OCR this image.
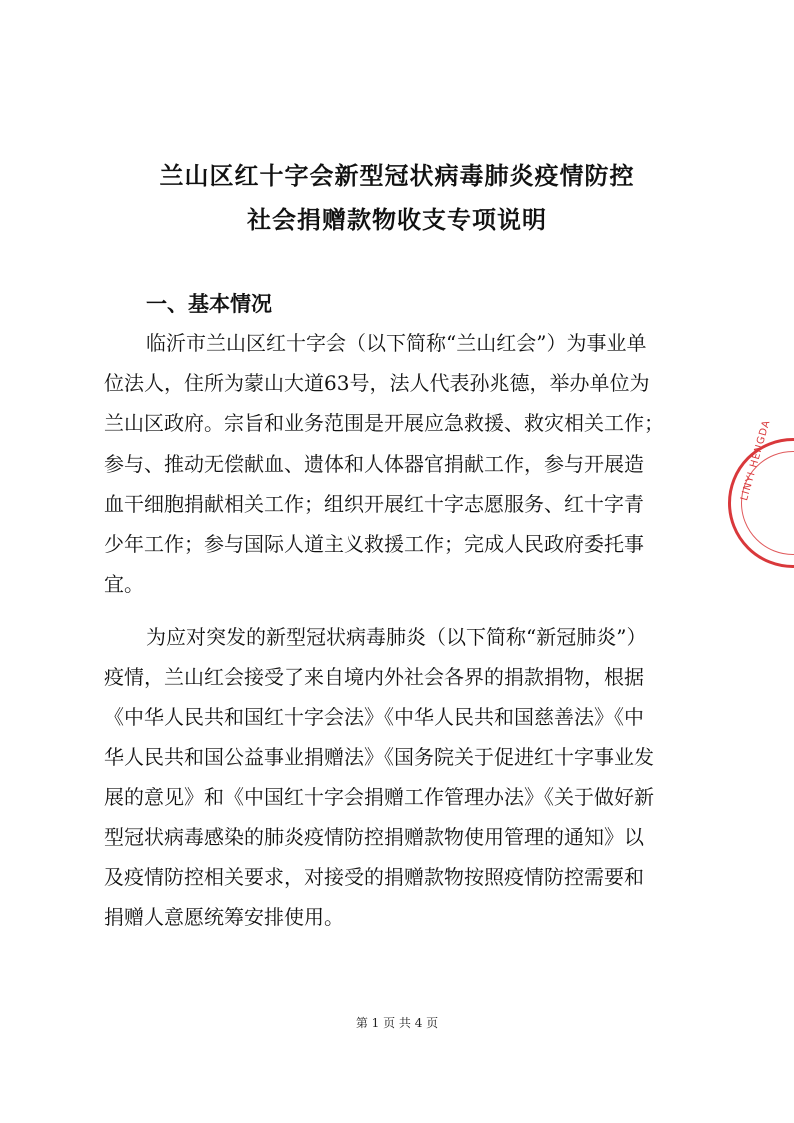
兰山区红十字会新型冠状病毒肺炎疫情防控
社会捐赠款物收支专项说明
一、基本情况
临沂市兰山区红十字会（以下简称“兰山红会”）为事业单
位法人，住所为蒙山大道63号，法人代表孙兆德，举办单位为
兰山区政府。宗旨和业务范围是开展应急救援、救灾相关工作；
参与、推动无偿献血、遗体和人体器官捐献工作，参与开展造
血干细胞捐献相关工作；组织开展红十字志愿服务、红十字青
少年工作；参与国际人道主义救援工作；完成人民政府委托事
宜。
为应对突发的新型冠状病毒肺炎（以下简称“新冠肺炎”）
疫情，兰山红会接受了来自境内外社会各界的捐款捐物，根据
《中华人民共和国红十字会法》《中华人民共和国慈善法》《中
华人民共和国公益事业捐赠法》《国务院关于促进红十字事业发
展的意见》和《中国红十字会捐赠工作管理办法》《关于做好新
型冠状病毒感染的肺炎疫情防控捐赠款物使用管理的通知》以
及疫情防控相关要求，对接受的捐赠款物按照疫情防控需要和
捐赠人意愿统筹安排使用。
第 1 页 共 4 页
LINYI HENGDA
